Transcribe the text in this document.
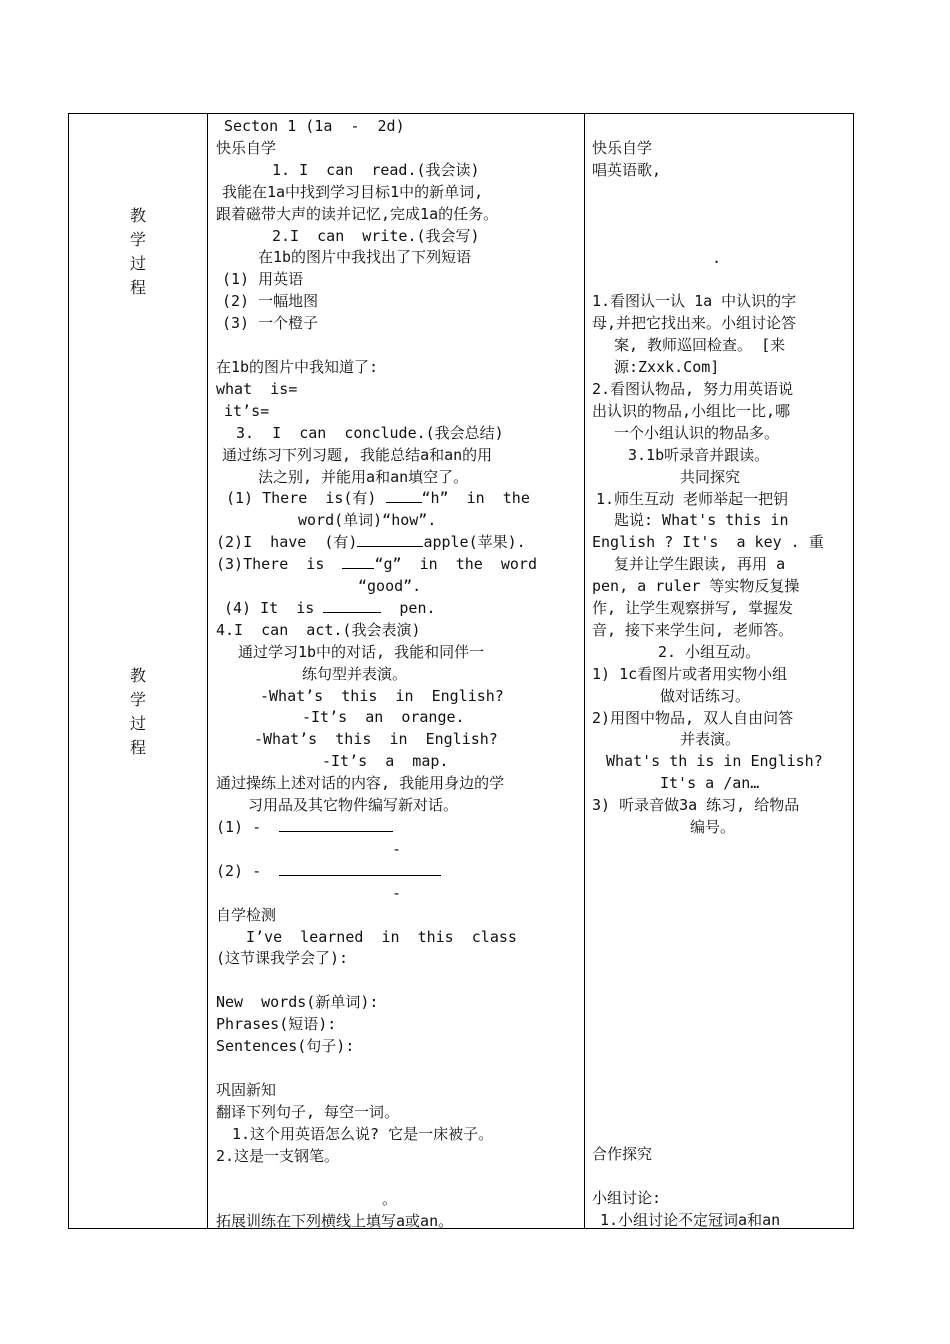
教
学
过
程
教
学
过
程
Secton 1 (1a  -  2d)
快乐自学
1. I  can  read.(我会读)
我能在1a中找到学习目标1中的新单词,
跟着磁带大声的读并记忆,完成1a的任务。
2.I  can  write.(我会写)
在1b的图片中我找出了下列短语
(1) 用英语
(2) 一幅地图
(3) 一个橙子

在1b的图片中我知道了:
what  is=
it’s=
3.  I  can  conclude.(我会总结)
通过练习下列习题, 我能总结a和an的用
法之别, 并能用a和an填空了。
(1) There  is(有)	“h”  in  the
word(单词)“how”.
(2)I  have  (有)	apple(苹果).
(3)There  is	“g”  in  the  word
“good”.
(4) It  is	pen.
4.I  can  act.(我会表演)
通过学习1b中的对话, 我能和同伴一
练句型并表演。
-What’s  this  in  English?
-It’s  an  orange.
-What’s  this  in  English?
-It’s  a  map.
通过操练上述对话的内容, 我能用身边的学
习用品及其它物件编写新对话。
(1) -
-
(2) -
-
自学检测
I’ve  learned  in  this  class
(这节课我学会了):

New  words(新单词):
Phrases(短语):
Sentences(句子):

巩固新知
翻译下列句子, 每空一词。
1.这个用英语怎么说? 它是一床被子。
2.这是一支钢笔。

。
拓展训练在下列横线上填写a或an。
快乐自学
唱英语歌,

.

1.看图认一认 1a 中认识的字
母,并把它找出来。小组讨论答
案, 教师巡回检查。 [来
源:Zxxk.Com]
2.看图认物品, 努力用英语说
出认识的物品,小组比一比,哪
一个小组认识的物品多。
3.1b听录音并跟读。
共同探究
1.师生互动 老师举起一把钥
匙说: What's this in
English ? It's  a key . 重
复并让学生跟读, 再用 a
pen, a ruler 等实物反复操
作, 让学生观察拼写, 掌握发
音, 接下来学生问, 老师答。
2. 小组互动。
1) 1c看图片或者用实物小组
做对话练习。
2)用图中物品, 双人自由问答
并表演。
What's th is in English?
It's a /an…
3) 听录音做3a 练习, 给物品
编号。
合作探究

小组讨论:
1.小组讨论不定冠词a和an
